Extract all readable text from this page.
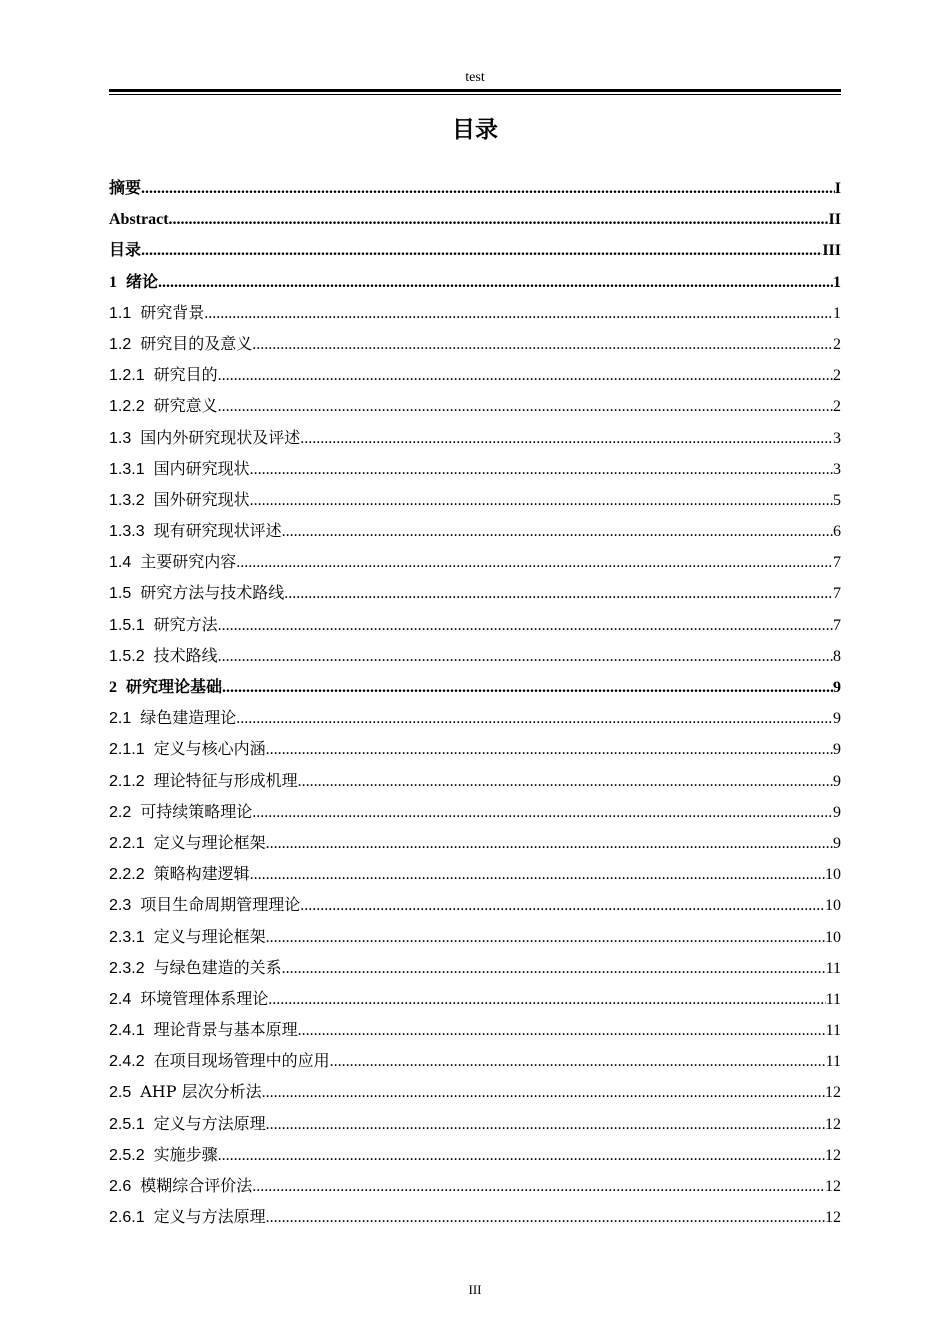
test
目录
摘要 .....	I
Abstract .....	II
目录 .....	III
1 绪论 .....	1
1.1 研究背景 .....	1
1.2 研究目的及意义 .....	2
1.2.1 研究目的 .....	2
1.2.2 研究意义 .....	2
1.3 国内外研究现状及评述 .....	3
1.3.1 国内研究现状 .....	3
1.3.2 国外研究现状 .....	5
1.3.3 现有研究现状评述 .....	6
1.4 主要研究内容 .....	7
1.5 研究方法与技术路线 .....	7
1.5.1 研究方法 .....	7
1.5.2 技术路线 .....	8
2 研究理论基础 .....	9
2.1 绿色建造理论 .....	9
2.1.1 定义与核心内涵 .....	9
2.1.2 理论特征与形成机理 .....	9
2.2 可持续策略理论 .....	9
2.2.1 定义与理论框架 .....	9
2.2.2 策略构建逻辑 .....	10
2.3 项目生命周期管理理论 .....	10
2.3.1 定义与理论框架 .....	10
2.3.2 与绿色建造的关系 .....	11
2.4 环境管理体系理论 .....	11
2.4.1 理论背景与基本原理 .....	11
2.4.2 在项目现场管理中的应用 .....	11
2.5 AHP 层次分析法 .....	12
2.5.1 定义与方法原理 .....	12
2.5.2 实施步骤 .....	12
2.6 模糊综合评价法 .....	12
2.6.1 定义与方法原理 .....	12
III
